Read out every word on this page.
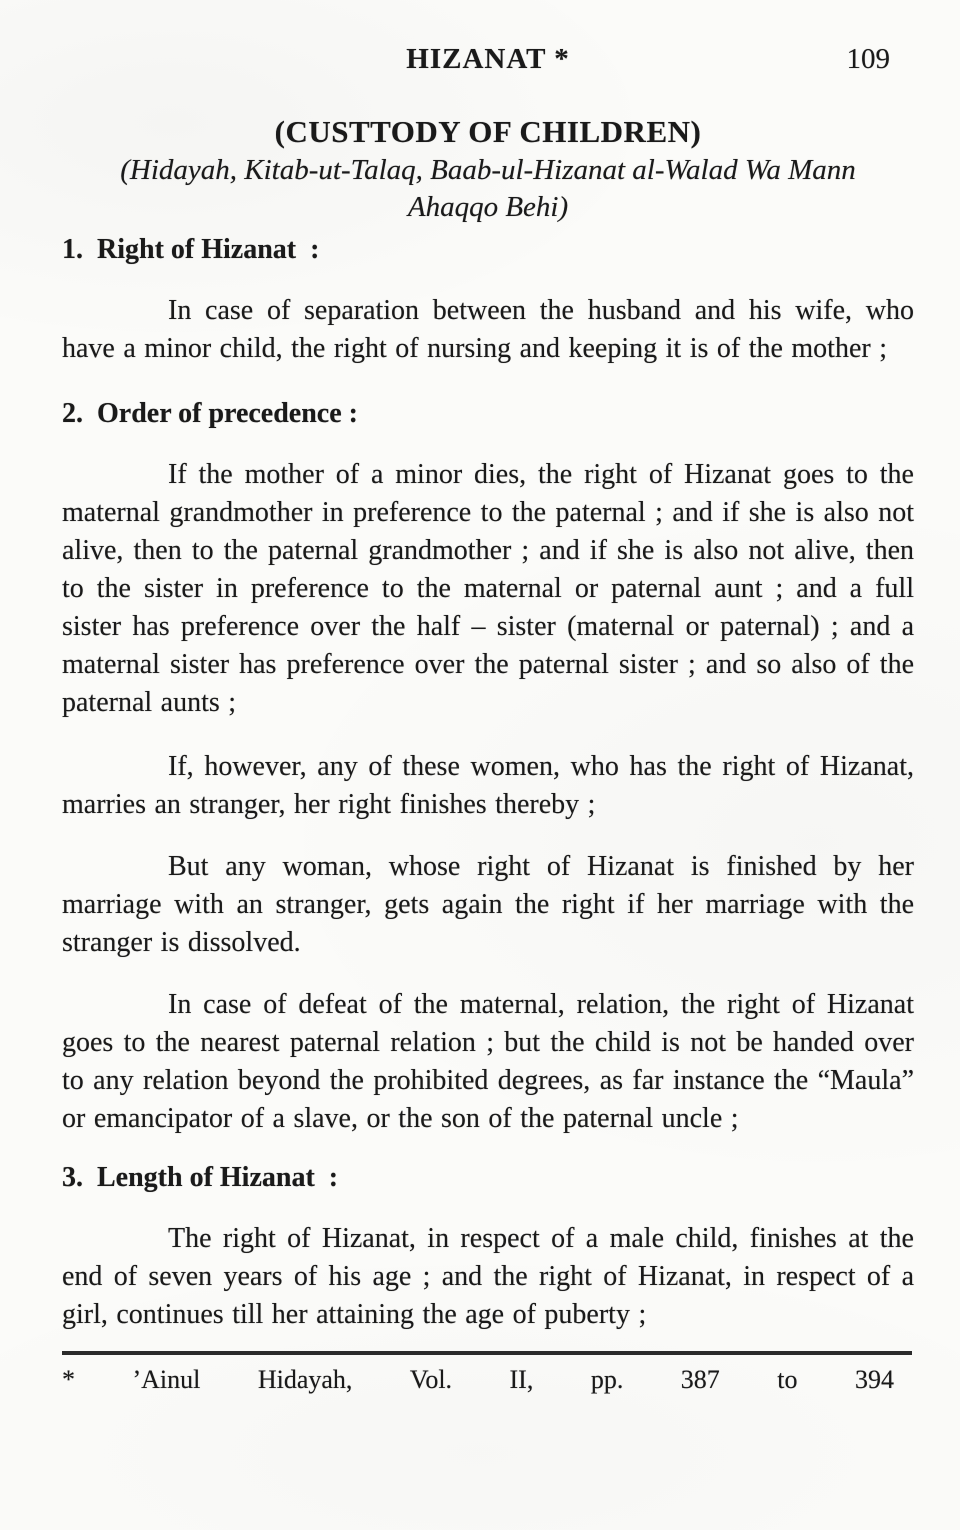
HIZANAT *	109
(CUSTTODY OF CHILDREN)
(Hidayah, Kitab-ut-Talaq, Baab-ul-Hizanat al-Walad Wa Mann
Ahaqqo Behi)
1.  Right of Hizanat  :

In case of separation between the husband and his wife, who have a minor child, the right of nursing and keeping it is of the mother ;

2.  Order of precedence :

If the mother of a minor dies, the right of Hizanat goes to the maternal grandmother in preference to the paternal ; and if she is also not alive, then to the paternal grandmother ; and if she is also not alive, then to the sister in preference to the maternal or paternal aunt ; and a full sister has preference over the half – sister (maternal or paternal) ; and a maternal sister has preference over the paternal sister ; and so also of the paternal aunts ;

If, however, any of these women, who has the right of Hizanat, marries an stranger, her right finishes thereby ;

But any woman, whose right of Hizanat is finished by her marriage with an stranger, gets again the right if her marriage with the stranger is dissolved.

In case of defeat of the maternal, relation, the right of Hizanat goes to the nearest paternal relation ; but the child is not be handed over to any relation beyond the prohibited degrees, as far instance the “Maula” or emancipator of a slave, or the son of the paternal uncle ;

3.  Length of Hizanat  :

The right of Hizanat, in respect of a male child, finishes at the end of seven years of his age ; and the right of Hizanat, in respect of a girl, continues till her attaining the age of puberty ;

* ’Ainul Hidayah, Vol. II, pp. 387 to 394
